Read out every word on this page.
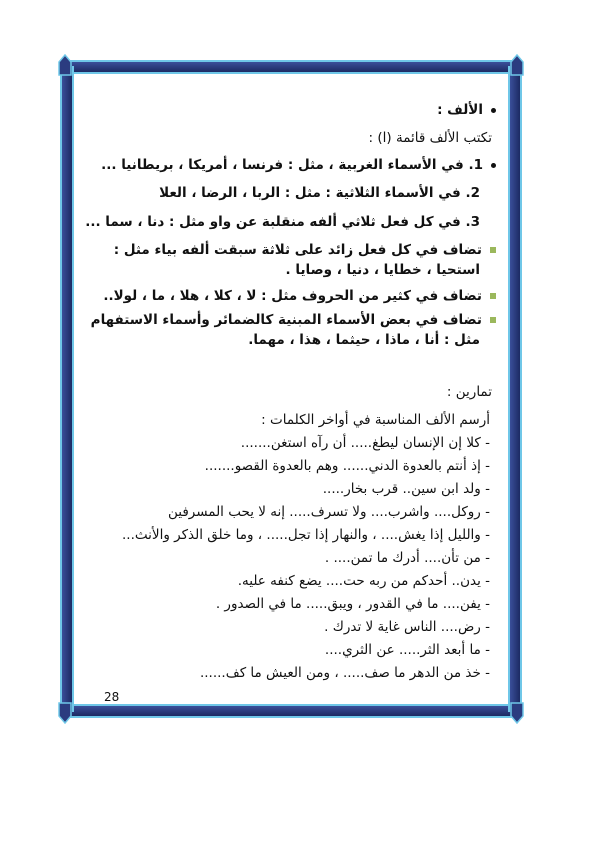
الألف :
تكتب الألف قائمة (ا) :
1. في الأسماء الغربية ، مثل : فرنسا ، أمريكا ، بريطانيا ...
2. في الأسماء الثلاثية : مثل : الربا ، الرضا ، العلا
3. في كل فعل ثلاثي ألفه منقلبة عن واو مثل : دنا ، سما ...
تضاف في كل فعل زائد على ثلاثة سبقت ألفه بياء مثل :
استحيا ، خطايا ، دنيا ، وصايا .
تضاف في كثير من الحروف مثل : لا ، كلا ، هلا ، ما ، لولا..
تضاف في بعض الأسماء المبنية كالضمائر وأسماء الاستفهام
مثل : أنا ، ماذا ، حيثما ، هذا ، مهما.
تمارين :
أرسم الألف المناسبة في أواخر الكلمات :
- كلا إن الإنسان ليطغ..... أن رآه استغن.......
- إذ أنتم بالعدوة الدني...... وهم بالعدوة القصو.......
- ولد ابن سين.. قرب بخار.....
- روكل.... واشرب.... ولا تسرف..... إنه لا يحب المسرفين
- والليل إذا يغش.... ، والنهار إذا تجل..... ، وما خلق الذكر والأنث...
- من تأن.... أدرك ما تمن.... .
- يدن.. أحدكم من ربه حت.... يضع كنفه عليه.
- يفن.... ما في القدور ، ويبق..... ما في الصدور .
- رض.... الناس غاية لا تدرك .
- ما أبعد الثر..... عن الثري....
- خذ من الدهر ما صف..... ، ومن العيش ما كف......
28
